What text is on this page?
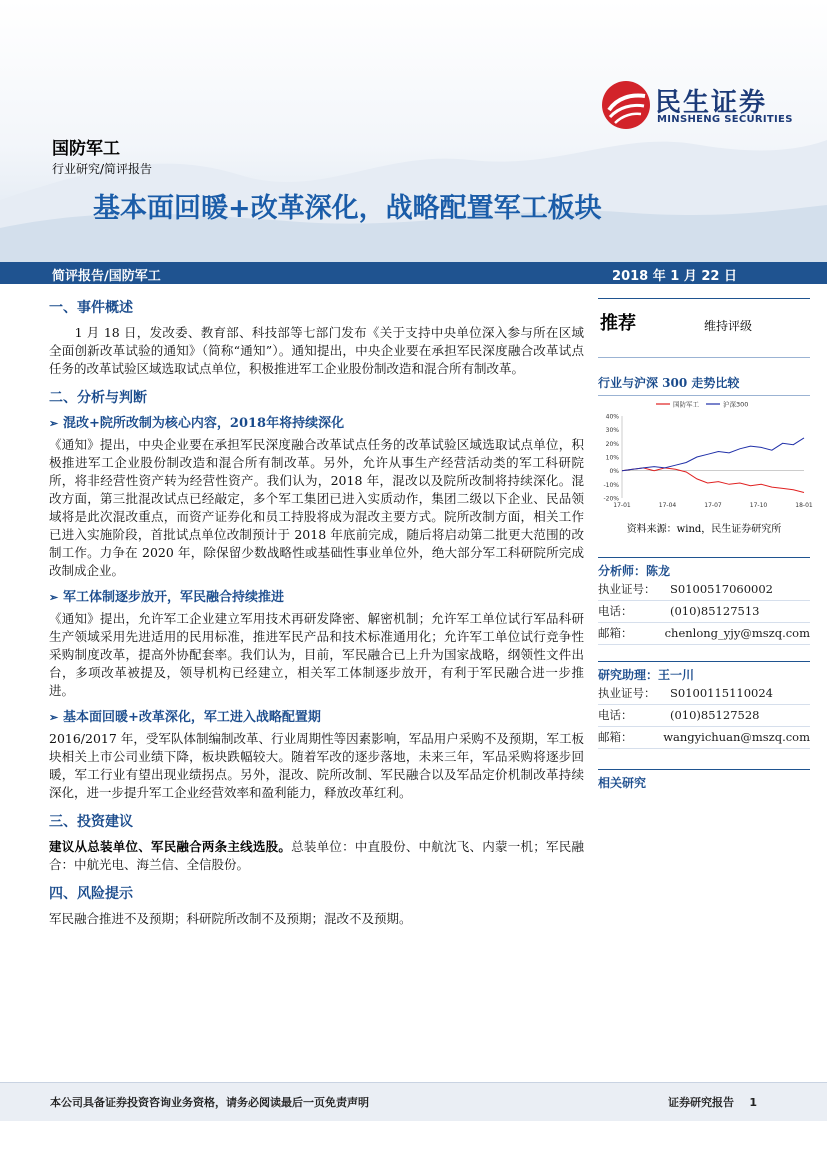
民生证券
MINSHENG SECURITIES
国防军工
行业研究/简评报告
基本面回暖+改革深化，战略配置军工板块
简评报告/国防军工	2018 年 1 月 22 日
一、事件概述
　　1 月 18 日，发改委、教育部、科技部等七部门发布《关于支持中央单位深入参与所在区域全面创新改革试验的通知》（简称“通知”）。通知提出，中央企业要在承担军民深度融合改革试点任务的改革试验区域选取试点单位，积极推进军工企业股份制改造和混合所有制改革。
二、分析与判断
➢ 混改+院所改制为核心内容，2018年将持续深化
《通知》提出，中央企业要在承担军民深度融合改革试点任务的改革试验区域选取试点单位，积极推进军工企业股份制改造和混合所有制改革。另外，允许从事生产经营活动类的军工科研院所，将非经营性资产转为经营性资产。我们认为，2018 年，混改以及院所改制将持续深化。混改方面，第三批混改试点已经敲定，多个军工集团已进入实质动作，集团二级以下企业、民品领域将是此次混改重点，而资产证券化和员工持股将成为混改主要方式。院所改制方面，相关工作已进入实施阶段，首批试点单位改制预计于 2018 年底前完成，随后将启动第二批更大范围的改制工作。力争在 2020 年，除保留少数战略性或基础性事业单位外，绝大部分军工科研院所完成改制成企业。
➢ 军工体制逐步放开，军民融合持续推进
《通知》提出，允许军工企业建立军用技术再研发降密、解密机制；允许军工单位试行军品科研生产领域采用先进适用的民用标准，推进军民产品和技术标准通用化；允许军工单位试行竞争性采购制度改革，提高外协配套率。我们认为，目前，军民融合已上升为国家战略，纲领性文件出台，多项改革被提及，领导机构已经建立，相关军工体制逐步放开，有利于军民融合进一步推进。
➢ 基本面回暖+改革深化，军工进入战略配置期
2016/2017 年，受军队体制编制改革、行业周期性等因素影响，军品用户采购不及预期，军工板块相关上市公司业绩下降，板块跌幅较大。随着军改的逐步落地，未来三年，军品采购将逐步回暖，军工行业有望出现业绩拐点。另外，混改、院所改制、军民融合以及军品定价机制改革持续深化，进一步提升军工企业经营效率和盈利能力，释放改革红利。
三、投资建议
建议从总装单位、军民融合两条主线选股。总装单位：中直股份、中航沈飞、内蒙一机；军民融合：中航光电、海兰信、全信股份。
四、风险提示
军民融合推进不及预期；科研院所改制不及预期；混改不及预期。
推荐	维持评级
行业与沪深 300 走势比较
40%
30%
20%
10%
0%
-10%
-20%
17-01	17-04	17-07	17-10	18-01
国防军工	沪深300
资料来源：wind，民生证券研究所
分析师：陈龙
执业证号：	S0100517060002
电话：	(010)85127513
邮箱：	chenlong_yjy@mszq.com
研究助理：王一川
执业证号：	S0100115110024
电话：	(010)85127528
邮箱：	wangyichuan@mszq.com
相关研究
本公司具备证券投资咨询业务资格，请务必阅读最后一页免责声明	证券研究报告 1
